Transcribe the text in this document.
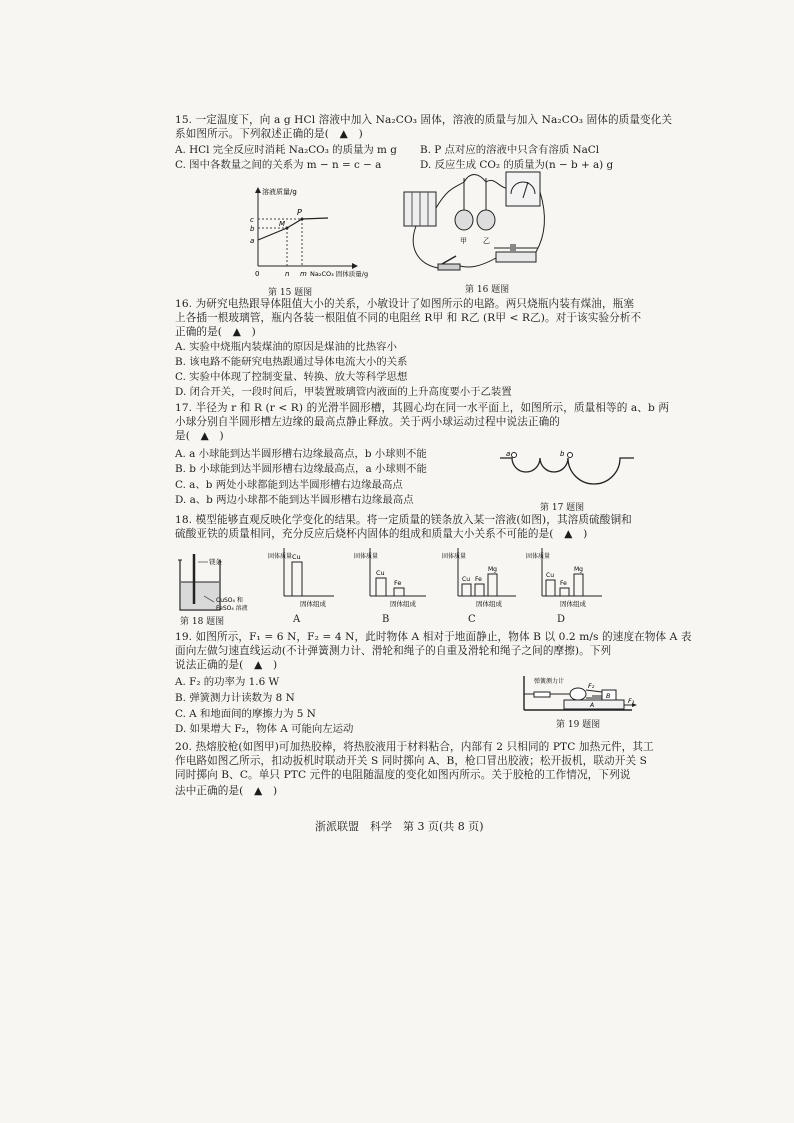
15. 一定温度下，向 a g HCl 溶液中加入 Na₂CO₃ 固体，溶液的质量与加入 Na₂CO₃ 固体的质量变化关
系如图所示。下列叙述正确的是(　▲　)
A. HCl 完全反应时消耗 Na₂CO₃ 的质量为 m g B. P 点对应的溶液中只含有溶质 NaCl
C. 图中各数量之间的关系为 m − n = c − a	D. 反应生成 CO₂ 的质量为(n − b + a) g
溶液质量/g
P
M
c
b
a
0	n m Na₂CO₃ 固体质量/g
第 15 题图
甲 乙
第 16 题图
16. 为研究电热跟导体阻值大小的关系，小敏设计了如图所示的电路。两只烧瓶内装有煤油，瓶塞
上各插一根玻璃管，瓶内各装一根阻值不同的电阻丝 R甲 和 R乙 (R甲 < R乙)。对于该实验分析不
正确的是(　▲　)
A. 实验中烧瓶内装煤油的原因是煤油的比热容小
B. 该电路不能研究电热跟通过导体电流大小的关系
C. 实验中体现了控制变量、转换、放大等科学思想
D. 闭合开关，一段时间后，甲装置玻璃管内液面的上升高度要小于乙装置
17. 半径为 r 和 R (r < R) 的光滑半圆形槽，其圆心均在同一水平面上，如图所示，质量相等的 a、b 两
小球分别自半圆形槽左边缘的最高点静止释放。关于两小球运动过程中说法正确的
是(　▲　)
A. a 小球能到达半圆形槽右边缘最高点，b 小球则不能
B. b 小球能到达半圆形槽右边缘最高点，a 小球则不能
C. a、b 两处小球都能到达半圆形槽右边缘最高点
D. a、b 两边小球都不能到达半圆形槽右边缘最高点
a	b
第 17 题图
18. 模型能够直观反映化学变化的结果。将一定质量的镁条放入某一溶液(如图)，其溶质硫酸铜和
硫酸亚铁的质量相同，充分反应后烧杯内固体的组成和质量大小关系不可能的是(　▲　)
镁条
CuSO₄ 和
FeSO₄ 溶液
第 18 题图
固体质量 Cu
固体组成
固体质量
Cu
Fe
固体组成
固体质量
Cu Fe
Mg
固体组成
固体质量
Cu
Fe
Mg
固体组成
A	B	C	D
19. 如图所示，F₁ = 6 N，F₂ = 4 N，此时物体 A 相对于地面静止，物体 B 以 0.2 m/s 的速度在物体 A 表
面向左做匀速直线运动(不计弹簧测力计、滑轮和绳子的自重及滑轮和绳子之间的摩擦)。下列
说法正确的是(　▲　)
A. F₂ 的功率为 1.6 W
B. 弹簧测力计读数为 8 N
C. A 和地面间的摩擦力为 5 N
D. 如果增大 F₂，物体 A 可能向左运动
弹簧测力计
F₂
B
A
F₁
第 19 题图
20. 热熔胶枪(如图甲)可加热胶棒，将热胶液用于材料粘合，内部有 2 只相同的 PTC 加热元件，其工
作电路如图乙所示，扣动扳机时联动开关 S 同时掷向 A、B，枪口冒出胶液；松开扳机，联动开关 S
同时掷向 B、C。单只 PTC 元件的电阻随温度的变化如图丙所示。关于胶枪的工作情况，下列说
法中正确的是(　▲　)
浙派联盟　科学　第 3 页(共 8 页)
